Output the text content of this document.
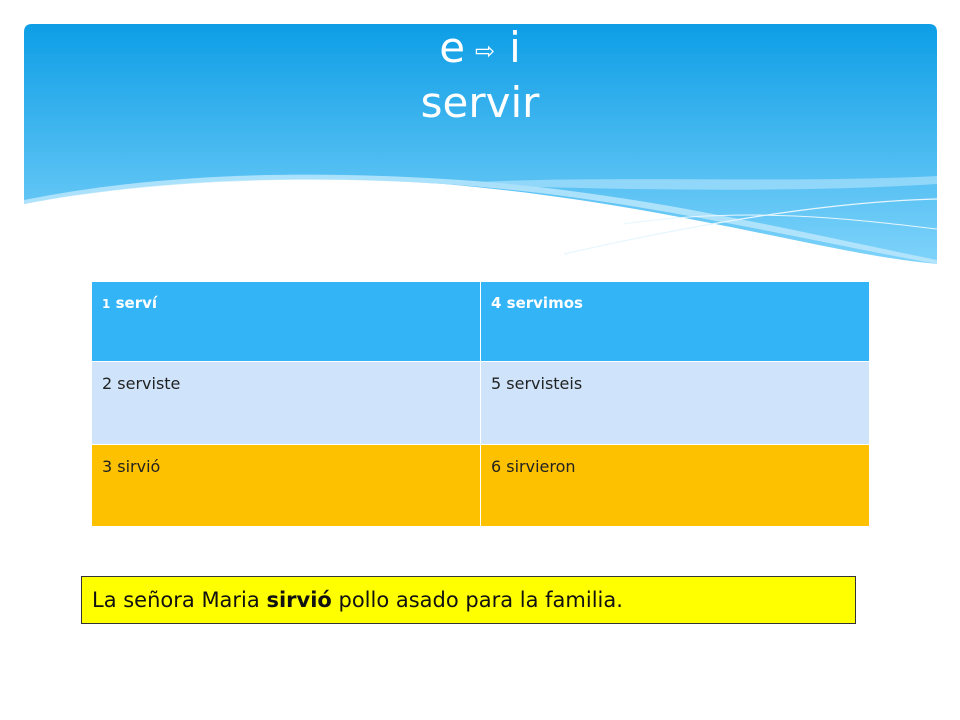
e ⇨ i
servir
1 serví	4 servimos
2 serviste	5 servisteis
3 sirvió	6 sirvieron
La señora Maria sirvió pollo asado para la familia.
